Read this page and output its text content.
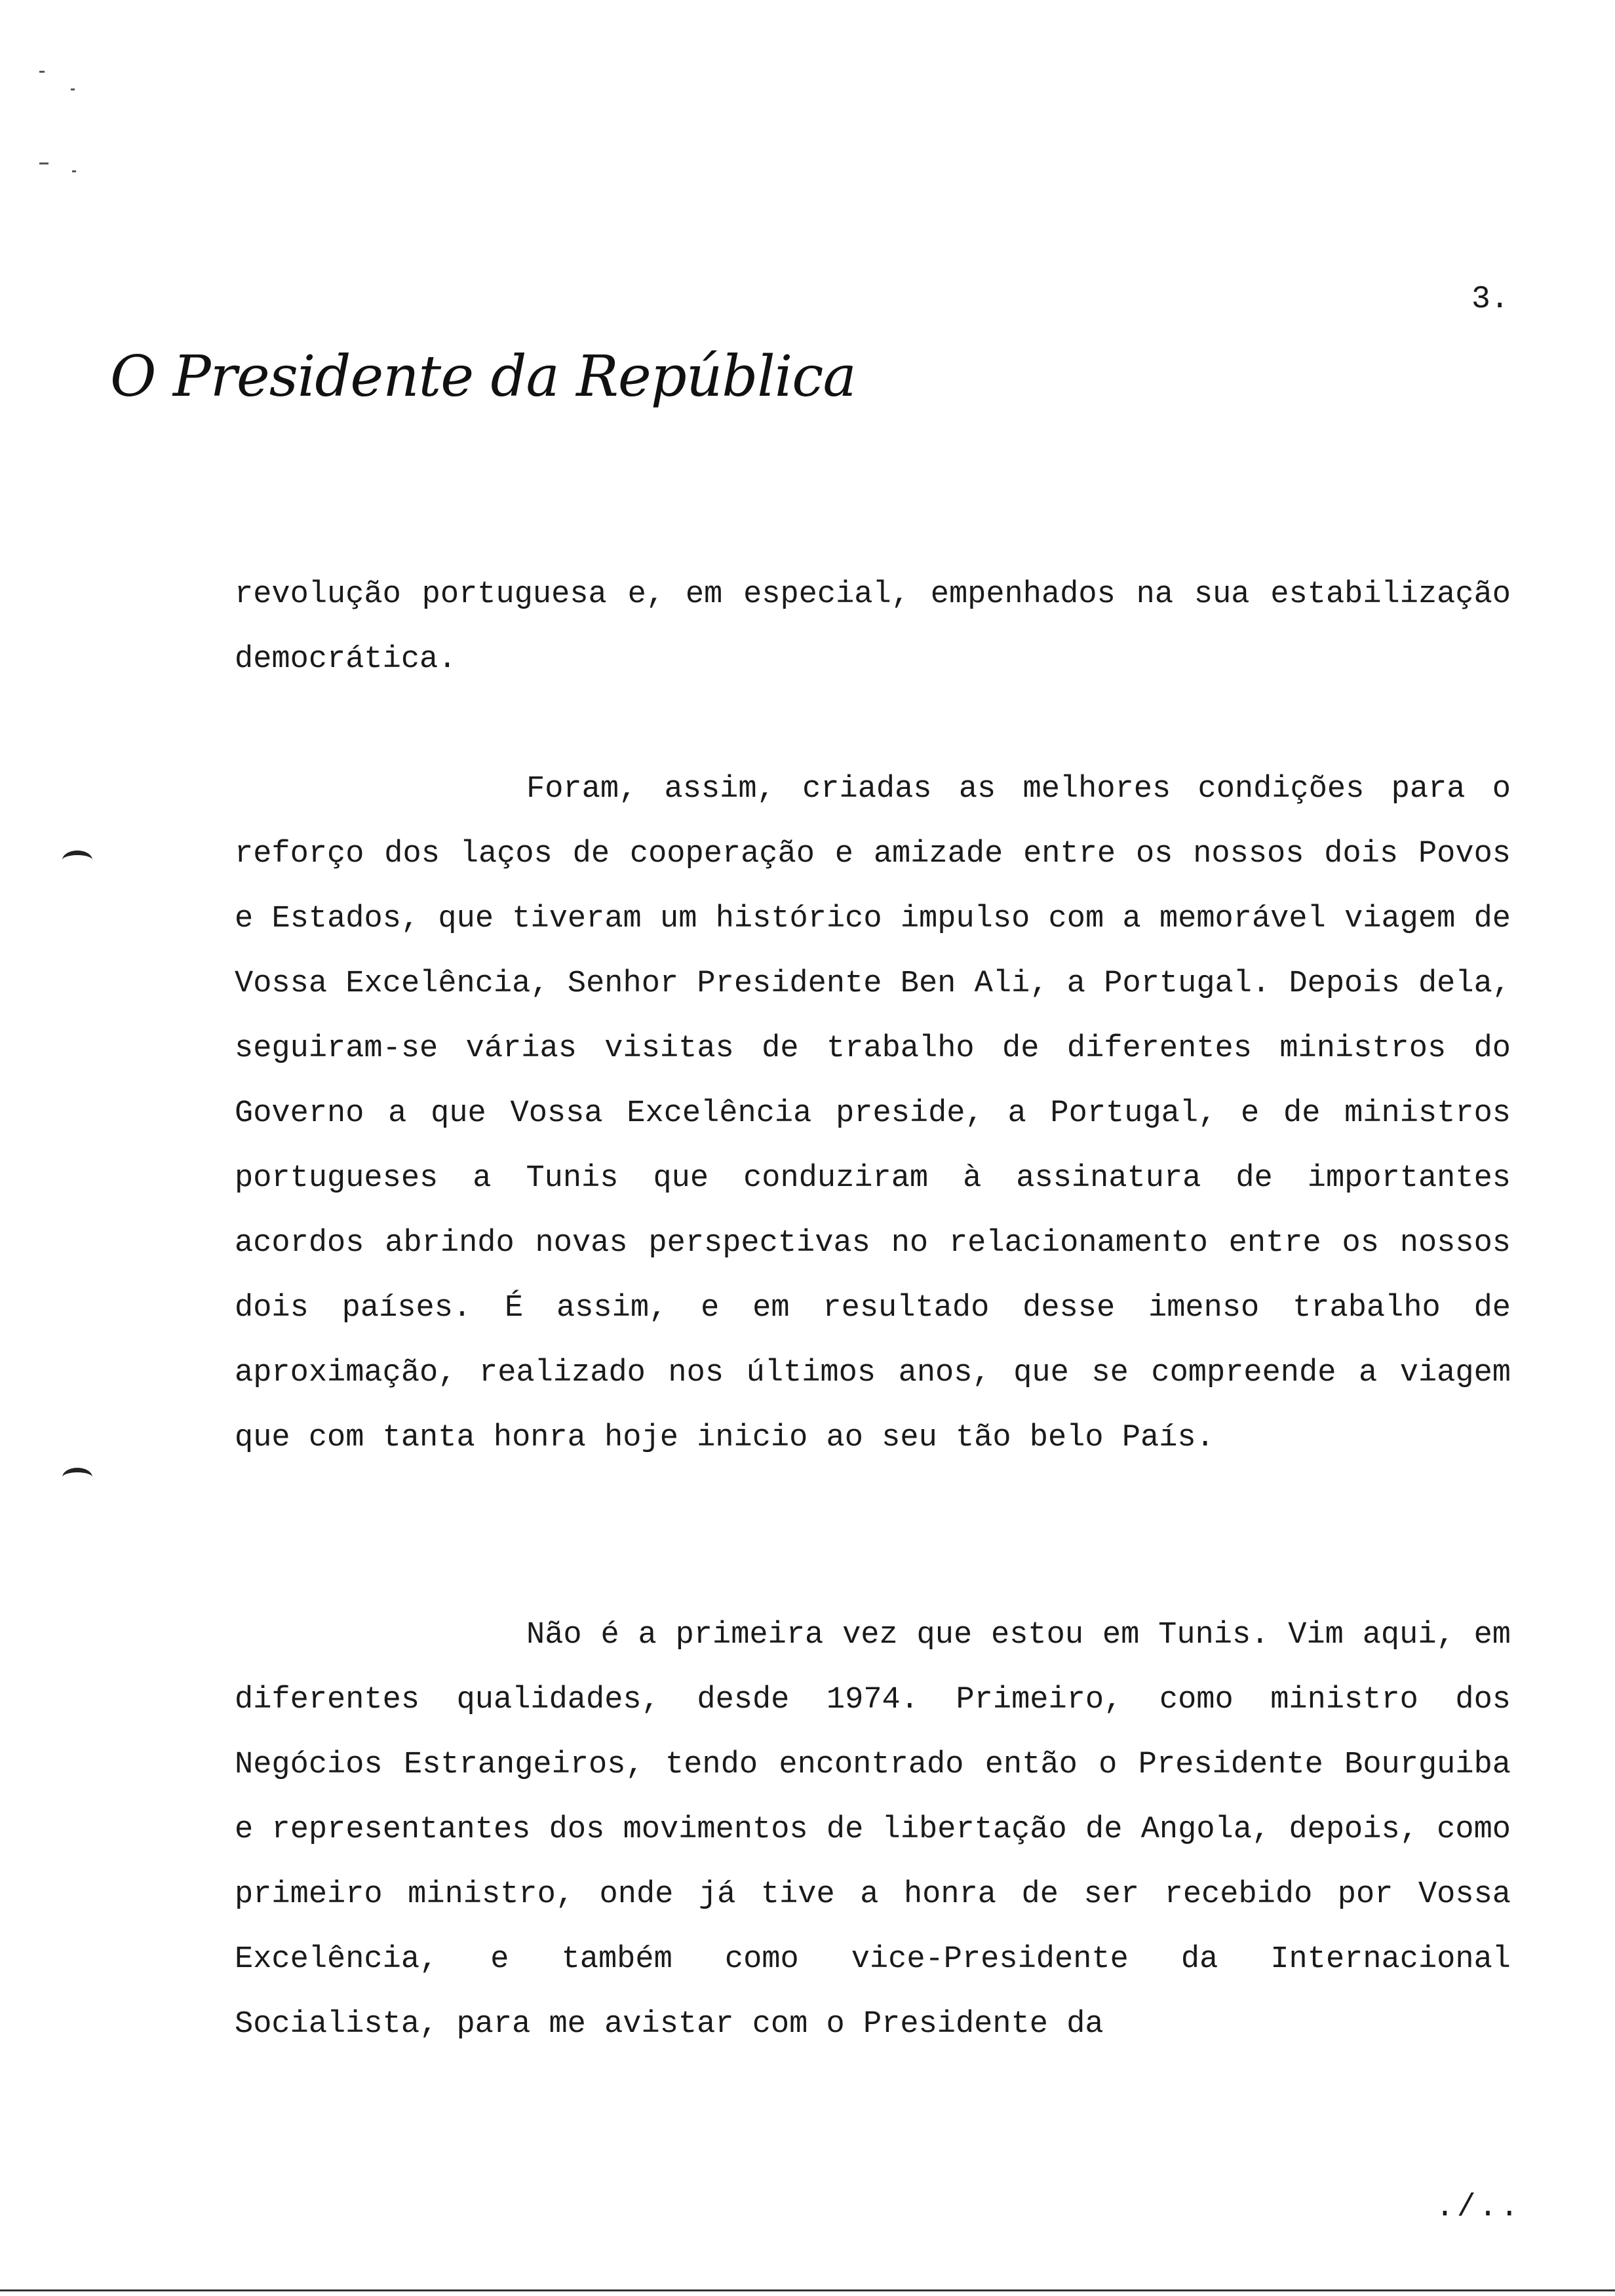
3.
O Presidente da República

revolução portuguesa e, em especial, empenhados na sua estabilização democrática.

Foram, assim, criadas as melhores condições para o reforço dos laços de cooperação e amizade entre os nossos dois Povos e Estados, que tiveram um histórico impulso com a memorável viagem de Vossa Excelência, Senhor Presidente Ben Ali, a Portugal. Depois dela, seguiram-se várias visitas de trabalho de diferentes ministros do Governo a que Vossa Excelência preside, a Portugal, e de ministros portugueses a Tunis que conduziram à assinatura de importantes acordos abrindo novas perspectivas no relacionamento entre os nossos dois países. É assim, e em resultado desse imenso trabalho de aproximação, realizado nos últimos anos, que se compreende a viagem que com tanta honra hoje inicio ao seu tão belo País.

Não é a primeira vez que estou em Tunis. Vim aqui, em diferentes qualidades, desde 1974. Primeiro, como ministro dos Negócios Estrangeiros, tendo encontrado então o Presidente Bourguiba e representantes dos movimentos de libertação de Angola, depois, como primeiro ministro, onde já tive a honra de ser recebido por Vossa Excelência, e também como vice-Presidente da Internacional Socialista, para me avistar com o Presidente da

./..
